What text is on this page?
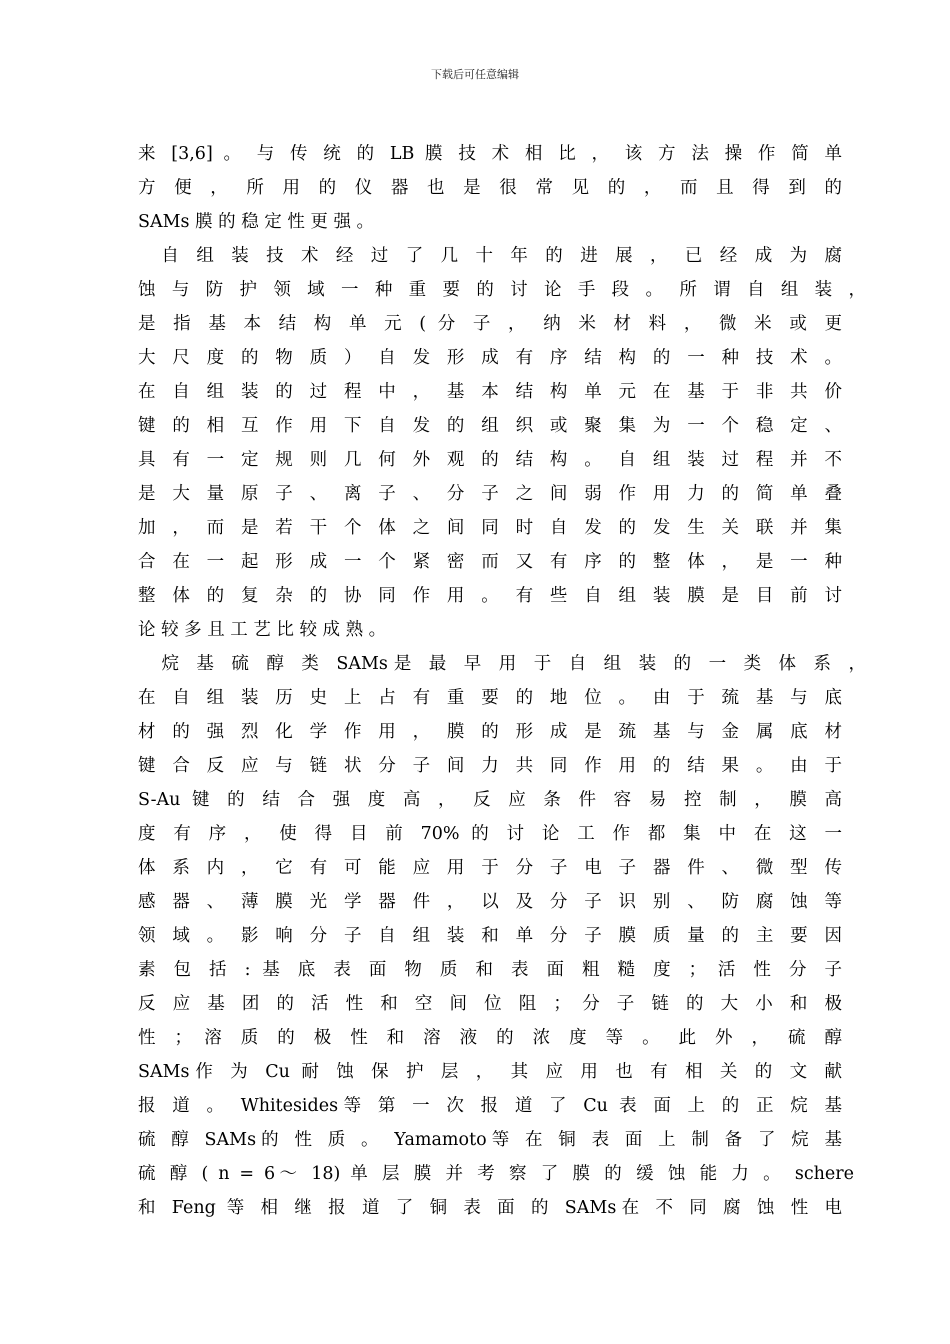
下载后可任意编辑
来 [3,6] 。 与 传 统 的 LB 膜 技 术 相 比 ， 该 方 法 操 作 简 单
方 便 ， 所 用 的 仪 器 也 是 很 常 见 的 ， 而 且 得 到 的
SAMs 膜 的 稳 定 性 更 强 。
　自 组 装 技 术 经 过 了 几 十 年 的 进 展 ， 已 经 成 为 腐
蚀 与 防 护 领 域 一 种 重 要 的 讨 论 手 段 。 所 谓 自 组 装 ，
是 指 基 本 结 构 单 元 ( 分 子 ， 纳 米 材 料 ， 微 米 或 更
大 尺 度 的 物 质 ） 自 发 形 成 有 序 结 构 的 一 种 技 术 。
在 自 组 装 的 过 程 中 ， 基 本 结 构 单 元 在 基 于 非 共 价
键 的 相 互 作 用 下 自 发 的 组 织 或 聚 集 为 一 个 稳 定 、
具 有 一 定 规 则 几 何 外 观 的 结 构 。 自 组 装 过 程 并 不
是 大 量 原 子 、 离 子 、 分 子 之 间 弱 作 用 力 的 简 单 叠
加 ， 而 是 若 干 个 体 之 间 同 时 自 发 的 发 生 关 联 并 集
合 在 一 起 形 成 一 个 紧 密 而 又 有 序 的 整 体 ， 是 一 种
整 体 的 复 杂 的 协 同 作 用 。 有 些 自 组 装 膜 是 目 前 讨
论 较 多 且 工 艺 比 较 成 熟 。
　烷 基 硫 醇 类 SAMs是 最 早 用 于 自 组 装 的 一 类 体 系 ，
在 自 组 装 历 史 上 占 有 重 要 的 地 位 。 由 于 巯 基 与 底
材 的 强 烈 化 学 作 用 ， 膜 的 形 成 是 巯 基 与 金 属 底 材
键 合 反 应 与 链 状 分 子 间 力 共 同 作 用 的 结 果 。 由 于
S-Au 键 的 结 合 强 度 高 ， 反 应 条 件 容 易 控 制 ， 膜 高
度 有 序 ， 使 得 目 前 70% 的 讨 论 工 作 都 集 中 在 这 一
体 系 内 ， 它 有 可 能 应 用 于 分 子 电 子 器 件 、 微 型 传
感 器 、 薄 膜 光 学 器 件 ， 以 及 分 子 识 别 、 防 腐 蚀 等
领 域 。 影 响 分 子 自 组 装 和 单 分 子 膜 质 量 的 主 要 因
素 包 括 : 基 底 表 面 物 质 和 表 面 粗 糙 度 ； 活 性 分 子
反 应 基 团 的 活 性 和 空 间 位 阻 ； 分 子 链 的 大 小 和 极
性 ； 溶 质 的 极 性 和 溶 液 的 浓 度 等 。 此 外 ， 硫 醇
SAMs作 为 Cu 耐 蚀 保 护 层 ， 其 应 用 也 有 相 关 的 文 献
报 道 。 Whitesides等 第 一 次 报 道 了 Cu 表 面 上 的 正 烷 基
硫 醇 SAMs的 性 质 。 Yamamoto等 在 铜 表 面 上 制 备 了 烷 基
硫 醇 ( n = 6～ 18) 单 层 膜 并 考 察 了 膜 的 缓 蚀 能 力 。 schere
和 Feng 等 相 继 报 道 了 铜 表 面 的 SAMs在 不 同 腐 蚀 性 电
